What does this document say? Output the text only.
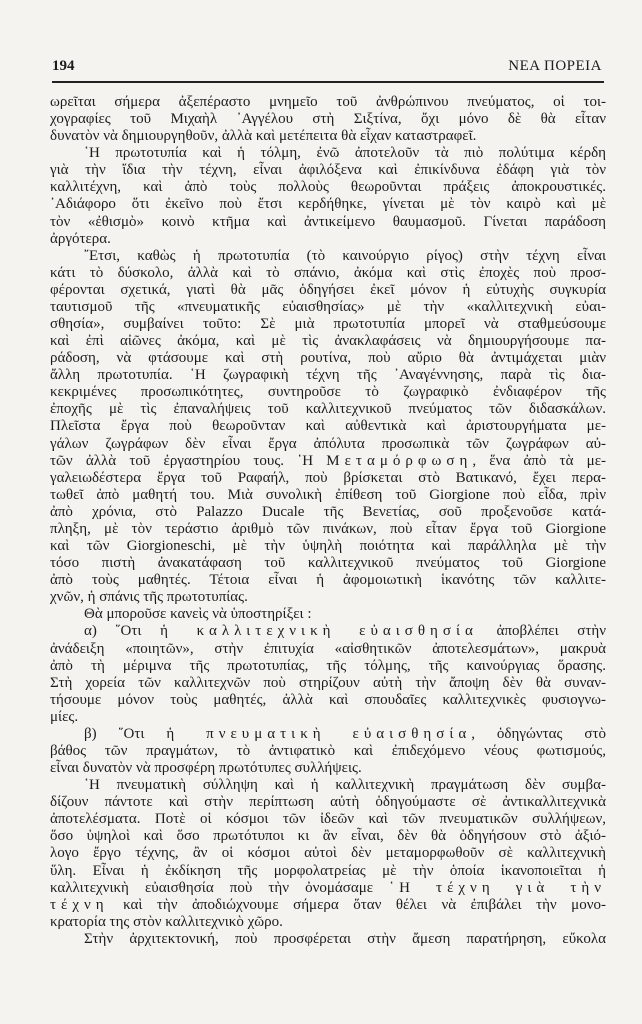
194	ΝΕΑ ΠΟΡΕΙΑ
ωρεῖται σήμερα ἀξεπέραστο μνημεῖο τοῦ ἀνθρώπινου πνεύματος, οἱ τοι-
χογραφίες τοῦ Μιχαὴλ ᾿Αγγέλου στὴ Σιξτίνα, ὄχι μόνο δὲ θὰ εἶταν
δυνατὸν νὰ δημιουργηθοῦν, ἀλλὰ καὶ μετέπειτα θὰ εἶχαν καταστραφεῖ.
῾Η πρωτοτυπία καὶ ἡ τόλμη, ἐνῶ ἀποτελοῦν τὰ πιὸ πολύτιμα κέρδη
γιὰ τὴν ἴδια τὴν τέχνη, εἶναι ἀφιλόξενα καὶ ἐπικίνδυνα ἐδάφη γιὰ τὸν
καλλιτέχνη, καὶ ἀπὸ τοὺς πολλοὺς θεωροῦνται πράξεις ἀποκρουστικές.
᾿Αδιάφορο ὅτι ἐκεῖνο ποὺ ἔτσι κερδήθηκε, γίνεται μὲ τὸν καιρὸ καὶ μὲ
τὸν «ἐθισμὸ» κοινὸ κτῆμα καὶ ἀντικείμενο θαυμασμοῦ. Γίνεται παράδοση
ἀργότερα.
῎Ετσι, καθὼς ἡ πρωτοτυπία (τὸ καινούργιο ρίγος) στὴν τέχνη εἶναι
κάτι τὸ δύσκολο, ἀλλὰ καὶ τὸ σπάνιο, ἀκόμα καὶ στὶς ἐποχὲς ποὺ προσ-
φέρονται σχετικά, γιατὶ θὰ μᾶς ὁδηγήσει ἐκεῖ μόνον ἡ εὐτυχὴς συγκυρία
ταυτισμοῦ τῆς «πνευματικῆς εὐαισθησίας» μὲ τὴν «καλλιτεχνικὴ εὐαι-
σθησία», συμβαίνει τοῦτο: Σὲ μιὰ πρωτοτυπία μπορεῖ νὰ σταθμεύσουμε
καὶ ἐπὶ αἰῶνες ἀκόμα, καὶ μὲ τὶς ἀνακλαφάσεις νὰ δημιουργήσουμε πα-
ράδοση, νὰ φτάσουμε καὶ στὴ ρουτίνα, ποὺ αὔριο θὰ ἀντιμάχεται μιὰν
ἄλλη πρωτοτυπία. ῾Η ζωγραφικὴ τέχνη τῆς ᾿Αναγέννησης, παρὰ τὶς δια-
κεκριμένες προσωπικότητες, συντηροῦσε τὸ ζωγραφικὸ ἐνδιαφέρον τῆς
ἐποχῆς μὲ τὶς ἐπαναλήψεις τοῦ καλλιτεχνικοῦ πνεύματος τῶν διδασκάλων.
Πλεῖστα ἔργα ποὺ θεωροῦνταν καὶ αὐθεντικὰ καὶ ἀριστουργήματα με-
γάλων ζωγράφων δὲν εἶναι ἔργα ἀπόλυτα προσωπικὰ τῶν ζωγράφων αὐ-
τῶν ἀλλὰ τοῦ ἐργαστηρίου τους. ῾Η Μεταμόρφωση, ἕνα ἀπὸ τὰ με-
γαλειωδέστερα ἔργα τοῦ Ραφαήλ, ποὺ βρίσκεται στὸ Βατικανό, ἔχει περα-
τωθεῖ ἀπὸ μαθητή του. Μιὰ συνολικὴ ἐπίθεση τοῦ Giorgione ποὺ εἶδα, πρὶν
ἀπὸ χρόνια, στὸ Palazzo Ducale τῆς Βενετίας, σοῦ προξενοῦσε κατά-
πληξη, μὲ τὸν τεράστιο ἀριθμὸ τῶν πινάκων, ποὺ εἶταν ἔργα τοῦ Giorgione
καὶ τῶν Giorgioneschi, μὲ τὴν ὑψηλὴ ποιότητα καὶ παράλληλα μὲ τὴν
τόσο πιστὴ ἀνακατάφαση τοῦ καλλιτεχνικοῦ πνεύματος τοῦ Giorgione
ἀπὸ τοὺς μαθητές. Τέτοια εἶναι ἡ ἀφομοιωτικὴ ἱκανότης τῶν καλλιτε-
χνῶν, ἡ σπάνις τῆς πρωτοτυπίας.
Θὰ μποροῦσε κανεὶς νὰ ὑποστηρίξει :
α) ῞Οτι ἡ καλλιτεχνικὴ εὐαισθησία ἀποβλέπει στὴν
ἀνάδειξη «ποιητῶν», στὴν ἐπιτυχία «αἰσθητικῶν ἀποτελεσμάτων», μακρυὰ
ἀπὸ τὴ μέριμνα τῆς πρωτοτυπίας, τῆς τόλμης, τῆς καινούργιας ὅρασης.
Στὴ χορεία τῶν καλλιτεχνῶν ποὺ στηρίζουν αὐτὴ τὴν ἄποψη δὲν θὰ συναν-
τήσουμε μόνον τοὺς μαθητές, ἀλλὰ καὶ σπουδαῖες καλλιτεχνικὲς φυσιογνω-
μίες.
β) ῞Οτι ἡ πνευματικὴ εὐαισθησία, ὁδηγώντας στὸ
βάθος τῶν πραγμάτων, τὸ ἀντιφατικὸ καὶ ἐπιδεχόμενο νέους φωτισμούς,
εἶναι δυνατὸν νὰ προσφέρη πρωτότυπες συλλήψεις.
῾Η πνευματικὴ σύλληψη καὶ ἡ καλλιτεχνικὴ πραγμάτωση δὲν συμβα-
δίζουν πάντοτε καὶ στὴν περίπτωση αὐτὴ ὁδηγούμαστε σὲ ἀντικαλλιτεχνικὰ
ἀποτελέσματα. Ποτὲ οἱ κόσμοι τῶν ἰδεῶν καὶ τῶν πνευματικῶν συλλήψεων,
ὅσο ὑψηλοὶ καὶ ὅσο πρωτότυποι κι ἂν εἶναι, δὲν θὰ ὁδηγήσουν στὸ ἀξιό-
λογο ἔργο τέχνης, ἂν οἱ κόσμοι αὐτοὶ δὲν μεταμορφωθοῦν σὲ καλλιτεχνικὴ
ὕλη. Εἶναι ἡ ἐκδίκηση τῆς μορφολατρείας μὲ τὴν ὁποία ἱκανοποιεῖται ἡ
καλλιτεχνικὴ εὐαισθησία ποὺ τὴν ὀνομάσαμε ῾Η τέχνη γιὰ τὴν
τέχνη καὶ τὴν ἀποδιώχνουμε σήμερα ὅταν θέλει νὰ ἐπιβάλει τὴν μονο-
κρατορία της στὸν καλλιτεχνικὸ χῶρο.
Στὴν ἀρχιτεκτονική, ποὺ προσφέρεται στὴν ἄμεση παρατήρηση, εὔκολα
